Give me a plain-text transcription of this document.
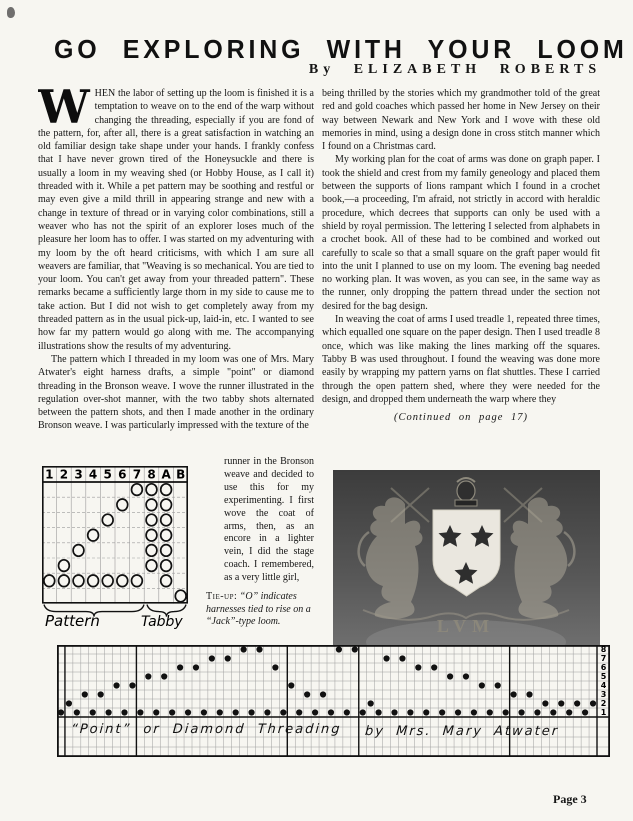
GO EXPLORING WITH YOUR LOOM
By ELIZABETH ROBERTS

WHEN the labor of setting up the loom is finished it is a temptation to weave on to the end of the warp without changing the threading, especially if you are fond of the pattern, for, after all, there is a great satisfaction in watching an old familiar design take shape under your hands. I frankly confess that I have never grown tired of the Honeysuckle and there is usually a loom in my weaving shed (or Hobby House, as I call it) threaded with it. While a pet pattern may be soothing and restful or may even give a mild thrill in appearing strange and new with a change in texture of thread or in varying color combinations, still a weaver who has not the spirit of an explorer loses much of the pleasure her loom has to offer. I was started on my adventuring with my loom by the oft heard criticisms, with which I am sure all weavers are familiar, that "Weaving is so mechanical. You are tied to your loom. You can't get away from your threaded pattern". These remarks became a sufficiently large thorn in my side to cause me to take action. But I did not wish to get completely away from my threaded pattern as in the usual pick-up, laid-in, etc. I wanted to see how far my pattern would go along with me. The accompanying illustrations show the results of my adventuring.

The pattern which I threaded in my loom was one of Mrs. Mary Atwater's eight harness drafts, a simple "point" or diamond threading in the Bronson weave. I wove the runner illustrated in the regulation over-shot manner, with the two tabby shots alternated between the pattern shots, and then I made another in the ordinary Bronson weave. I was particularly impressed with the texture of the

runner in the Bronson weave and decided to use this for my experimenting. I first wove the coat of arms, then, as an encore in a lighter vein, I did the stage coach. I remembered, as a very little girl,
1 2 3 4 5 6 7 8 A B
Pattern	Tabby
Tie-up: “O” indicates harnesses tied to rise on a “Jack”-type loom.

being thrilled by the stories which my grandmother told of the great red and gold coaches which passed her home in New Jersey on their way between Newark and New York and I wove with these old memories in mind, using a design done in cross stitch manner which I found on a Christmas card.

My working plan for the coat of arms was done on graph paper. I took the shield and crest from my family geneology and placed them between the supports of lions rampant which I found in a crochet book,—a proceeding, I'm afraid, not strictly in accord with heraldic procedure, which decrees that supports can only be used with a shield by royal permission. The lettering I selected from alphabets in a crochet book. All of these had to be combined and worked out carefully to scale so that a small square on the graft paper would fit into the unit I planned to use on my loom. The evening bag needed no working plan. It was woven, as you can see, in the same way as the runner, only dropping the pattern thread under the section not desired for the bag design.

In weaving the coat of arms I used treadle 1, repeated three times, which equalled one square on the paper design. Then I used treadle 8 once, which was like making the lines marking off the squares. Tabby B was used throughout. I found the weaving was done more easily by wrapping my pattern yarns on flat shuttles. These I carried through the open pattern shed, where they were needed for the design, and dropped them underneath the warp where they

(Continued on page 17)
LVM
8
7
6
5
4
3
2
1
“Point” or Diamond Threading by Mrs. Mary Atwater
Page 3
